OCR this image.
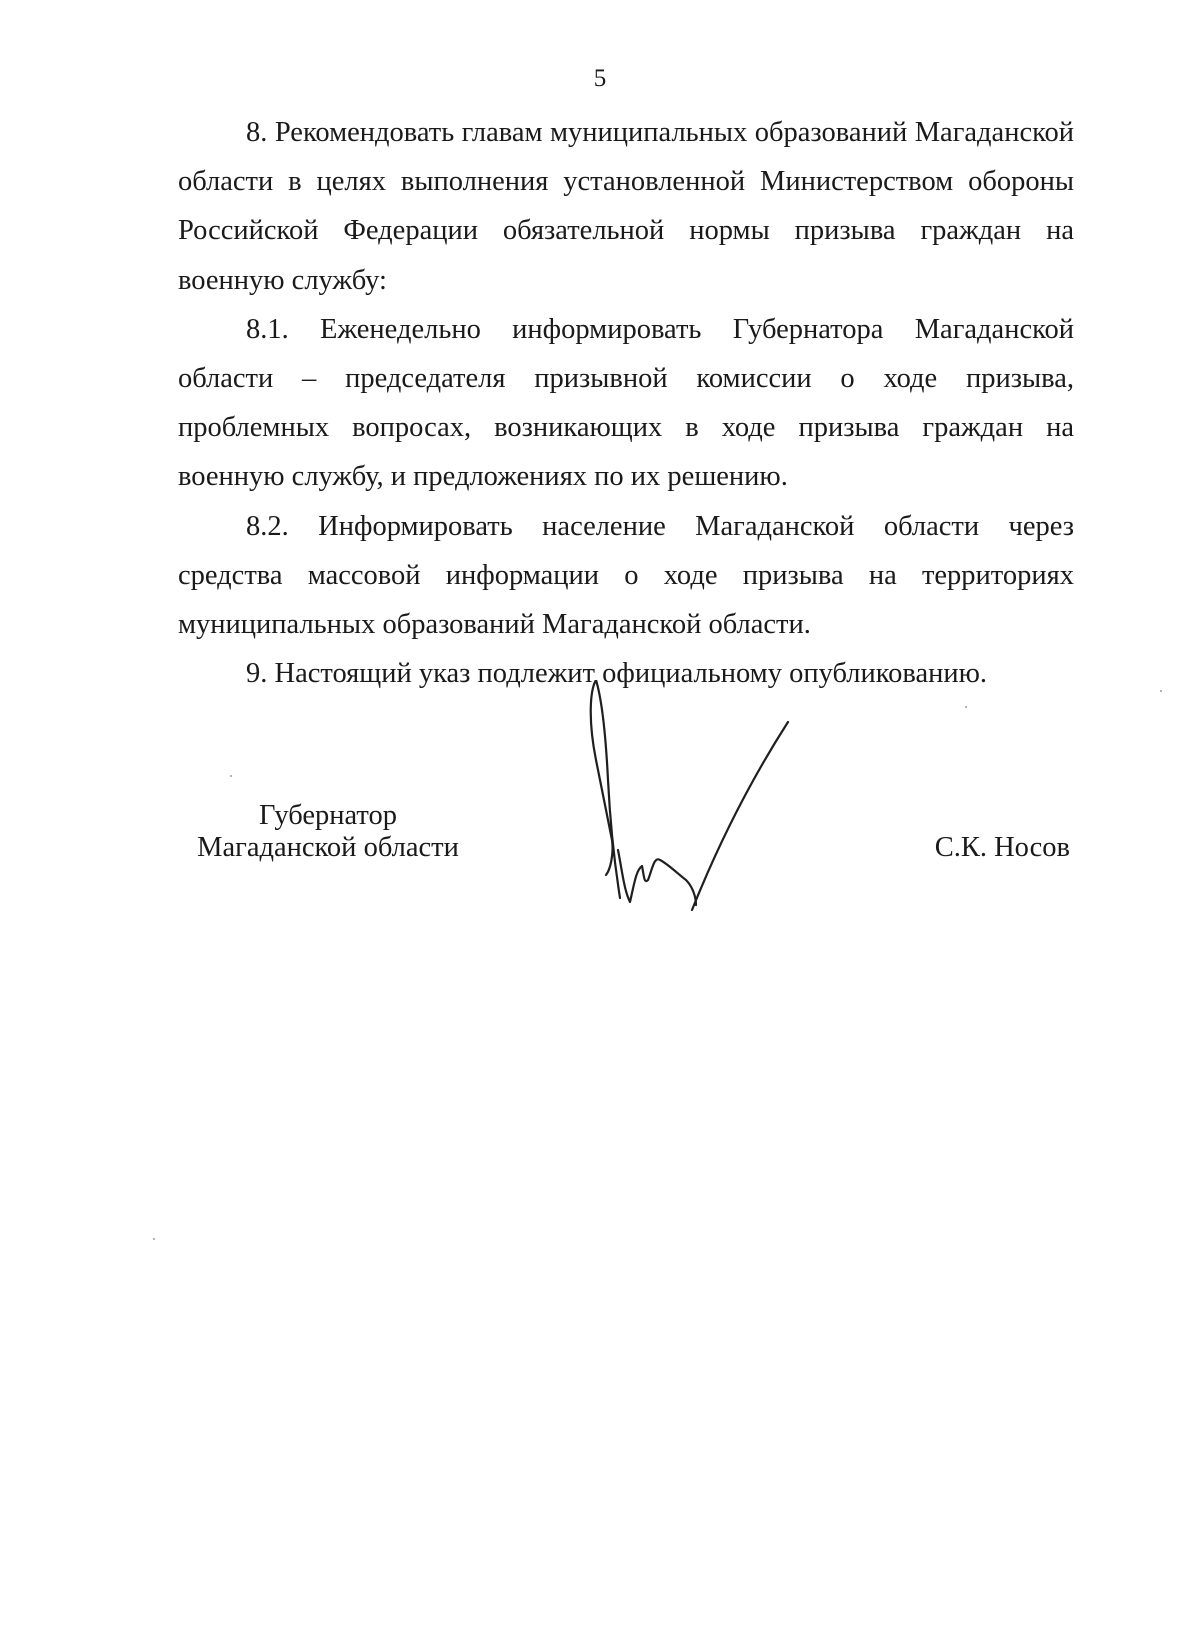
5

8. Рекомендовать главам муниципальных образований Магаданской области в целях выполнения установленной Министерством обороны Российской Федерации обязательной нормы призыва граждан на военную службу:

8.1. Еженедельно информировать Губернатора Магаданской области – председателя призывной комиссии о ходе призыва, проблемных вопросах, возникающих в ходе призыва граждан на военную службу, и предложениях по их решению.

8.2. Информировать население Магаданской области через средства массовой информации о ходе призыва на территориях муниципальных образований Магаданской области.

9. Настоящий указ подлежит официальному опубликованию.

Губернатор
Магаданской области	С.К. Носов
